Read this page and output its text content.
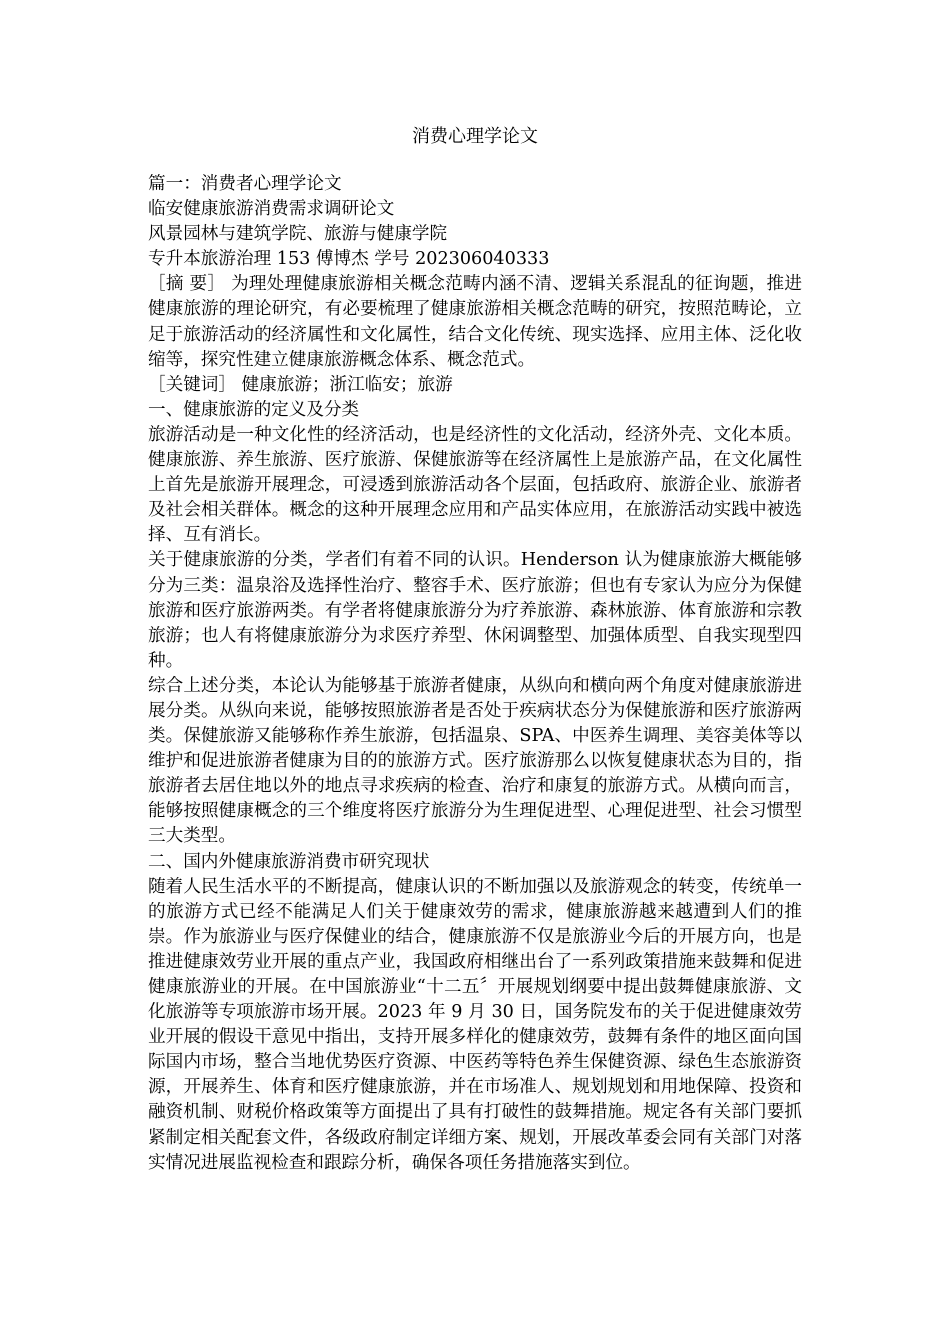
消费心理学论文

篇一：消费者心理学论文

临安健康旅游消费需求调研论文

风景园林与建筑学院、旅游与健康学院

专升本旅游治理 153 傅博杰 学号 202306040333

［摘 要］ 为理处理健康旅游相关概念范畴内涵不清、逻辑关系混乱的征询题，推进健康旅游的理论研究，有必要梳理了健康旅游相关概念范畴的研究，按照范畴论，立足于旅游活动的经济属性和文化属性，结合文化传统、现实选择、应用主体、泛化收缩等，探究性建立健康旅游概念体系、概念范式。

［关键词］ 健康旅游；浙江临安；旅游

一、健康旅游的定义及分类

旅游活动是一种文化性的经济活动，也是经济性的文化活动，经济外壳、文化本质。健康旅游、养生旅游、医疗旅游、保健旅游等在经济属性上是旅游产品，在文化属性上首先是旅游开展理念，可浸透到旅游活动各个层面，包括政府、旅游企业、旅游者及社会相关群体。概念的这种开展理念应用和产品实体应用，在旅游活动实践中被选择、互有消长。

关于健康旅游的分类，学者们有着不同的认识。Henderson 认为健康旅游大概能够分为三类：温泉浴及选择性治疗、整容手术、医疗旅游；但也有专家认为应分为保健旅游和医疗旅游两类。有学者将健康旅游分为疗养旅游、森林旅游、体育旅游和宗教旅游；也人有将健康旅游分为求医疗养型、休闲调整型、加强体质型、自我实现型四种。

综合上述分类，本论认为能够基于旅游者健康，从纵向和横向两个角度对健康旅游进展分类。从纵向来说，能够按照旅游者是否处于疾病状态分为保健旅游和医疗旅游两类。保健旅游又能够称作养生旅游，包括温泉、SPA、中医养生调理、美容美体等以维护和促进旅游者健康为目的的旅游方式。医疗旅游那么以恢复健康状态为目的，指旅游者去居住地以外的地点寻求疾病的检查、治疗和康复的旅游方式。从横向而言，能够按照健康概念的三个维度将医疗旅游分为生理促进型、心理促进型、社会习惯型三大类型。

二、国内外健康旅游消费市研究现状

随着人民生活水平的不断提高，健康认识的不断加强以及旅游观念的转变，传统单一的旅游方式已经不能满足人们关于健康效劳的需求，健康旅游越来越遭到人们的推崇。作为旅游业与医疗保健业的结合，健康旅游不仅是旅游业今后的开展方向，也是推进健康效劳业开展的重点产业，我国政府相继出台了一系列政策措施来鼓舞和促进健康旅游业的开展。在中国旅游业“十二五〞开展规划纲要中提出鼓舞健康旅游、文化旅游等专项旅游市场开展。2023 年 9 月 30 日，国务院发布的关于促进健康效劳业开展的假设干意见中指出，支持开展多样化的健康效劳，鼓舞有条件的地区面向国际国内市场，整合当地优势医疗资源、中医药等特色养生保健资源、绿色生态旅游资源，开展养生、体育和医疗健康旅游，并在市场准人、规划规划和用地保障、投资和融资机制、财税价格政策等方面提出了具有打破性的鼓舞措施。规定各有关部门要抓紧制定相关配套文件，各级政府制定详细方案、规划，开展改革委会同有关部门对落实情况进展监视检查和跟踪分析，确保各项任务措施落实到位。
